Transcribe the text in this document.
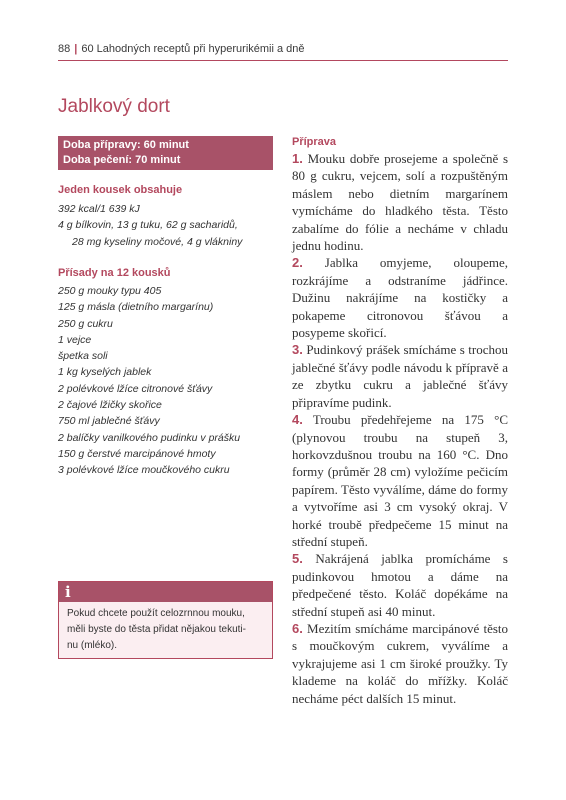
88 | 60 Lahodných receptů při hyperurikémii a dně
Jablkový dort
Doba přípravy: 60 minut
Doba pečení: 70 minut
Jeden kousek obsahuje
392 kcal/1 639 kJ
4 g bílkovin, 13 g tuku, 62 g sacharidů,
28 mg kyseliny močové, 4 g vlákniny
Přísady na 12 kousků
250 g mouky typu 405
125 g másla (dietního margarínu)
250 g cukru
1 vejce
špetka soli
1 kg kyselých jablek
2 polévkové lžíce citronové šťávy
2 čajové lžičky skořice
750 ml jablečné šťávy
2 balíčky vanilkového pudinku v prášku
150 g čerstvé marcipánové hmoty
3 polévkové lžíce moučkového cukru
i
Pokud chcete použít celozrnnou mouku,
měli byste do těsta přidat nějakou tekuti-
nu (mléko).
Příprava

1. Mouku dobře prosejeme a společně s 80 g cukru, vejcem, solí a rozpuštěným máslem nebo dietním margarínem vymícháme do hladkého těsta. Těsto zabalíme do fólie a necháme v chladu jednu hodinu.

2. Jablka omyjeme, oloupeme, rozkrájíme a odstraníme jádřince. Dužinu nakrájíme na kostičky a pokapeme citronovou šťávou a posypeme skořicí.

3. Pudinkový prášek smícháme s trochou jablečné šťávy podle návodu k přípravě a ze zbytku cukru a jablečné šťávy připravíme pudink.

4. Troubu předehřejeme na 175 °C (plynovou troubu na stupeň 3, horkovzdušnou troubu na 160 °C. Dno formy (průměr 28 cm) vyložíme pečicím papírem. Těsto vyválíme, dáme do formy a vytvoříme asi 3 cm vysoký okraj. V horké troubě předpečeme 15 minut na střední stupeň.

5. Nakrájená jablka promícháme s pudinkovou hmotou a dáme na předpečené těsto. Koláč dopékáme na střední stupeň asi 40 minut.

6. Mezitím smícháme marcipánové těsto s moučkovým cukrem, vyválíme a vykrajujeme asi 1 cm široké proužky. Ty klademe na koláč do mřížky. Koláč necháme péct dalších 15 minut.
